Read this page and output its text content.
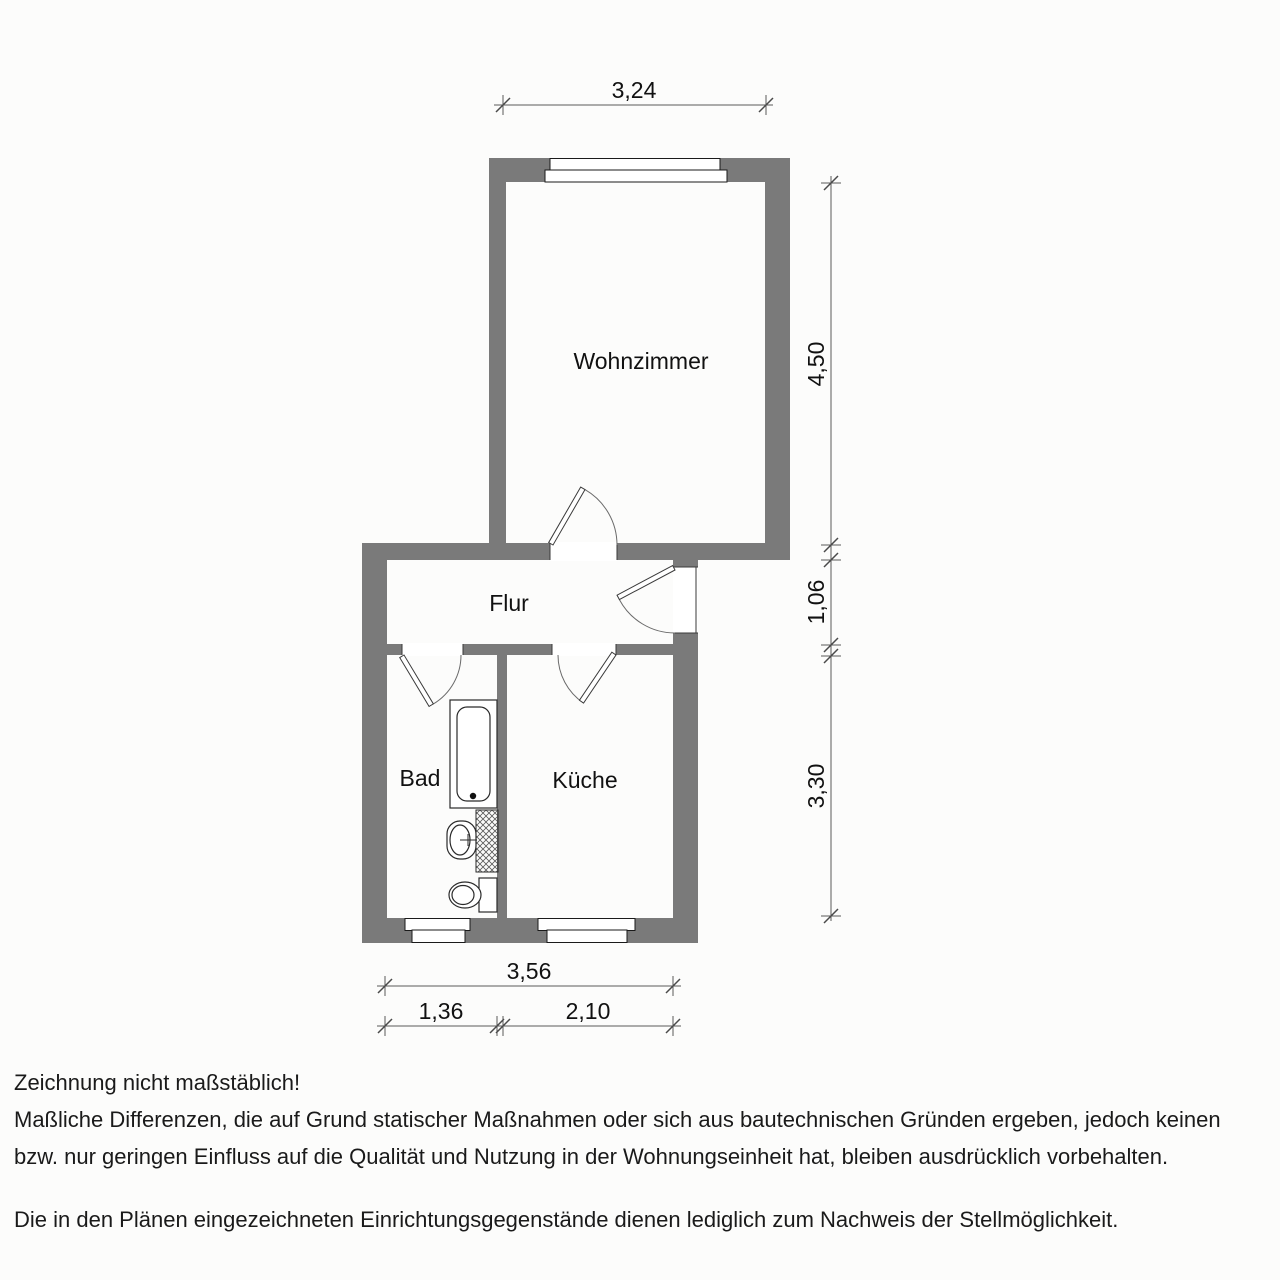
3,24
4,50
1,06
3,30
3,56
1,36	2,10
Wohnzimmer
Flur
Bad	Küche
Zeichnung nicht maßstäblich!
Maßliche Differenzen, die auf Grund statischer Maßnahmen oder sich aus bautechnischen Gründen ergeben, jedoch keinen
bzw. nur geringen Einfluss auf die Qualität und Nutzung in der Wohnungseinheit hat, bleiben ausdrücklich vorbehalten.
Die in den Plänen eingezeichneten Einrichtungsgegenstände dienen lediglich zum Nachweis der Stellmöglichkeit.
